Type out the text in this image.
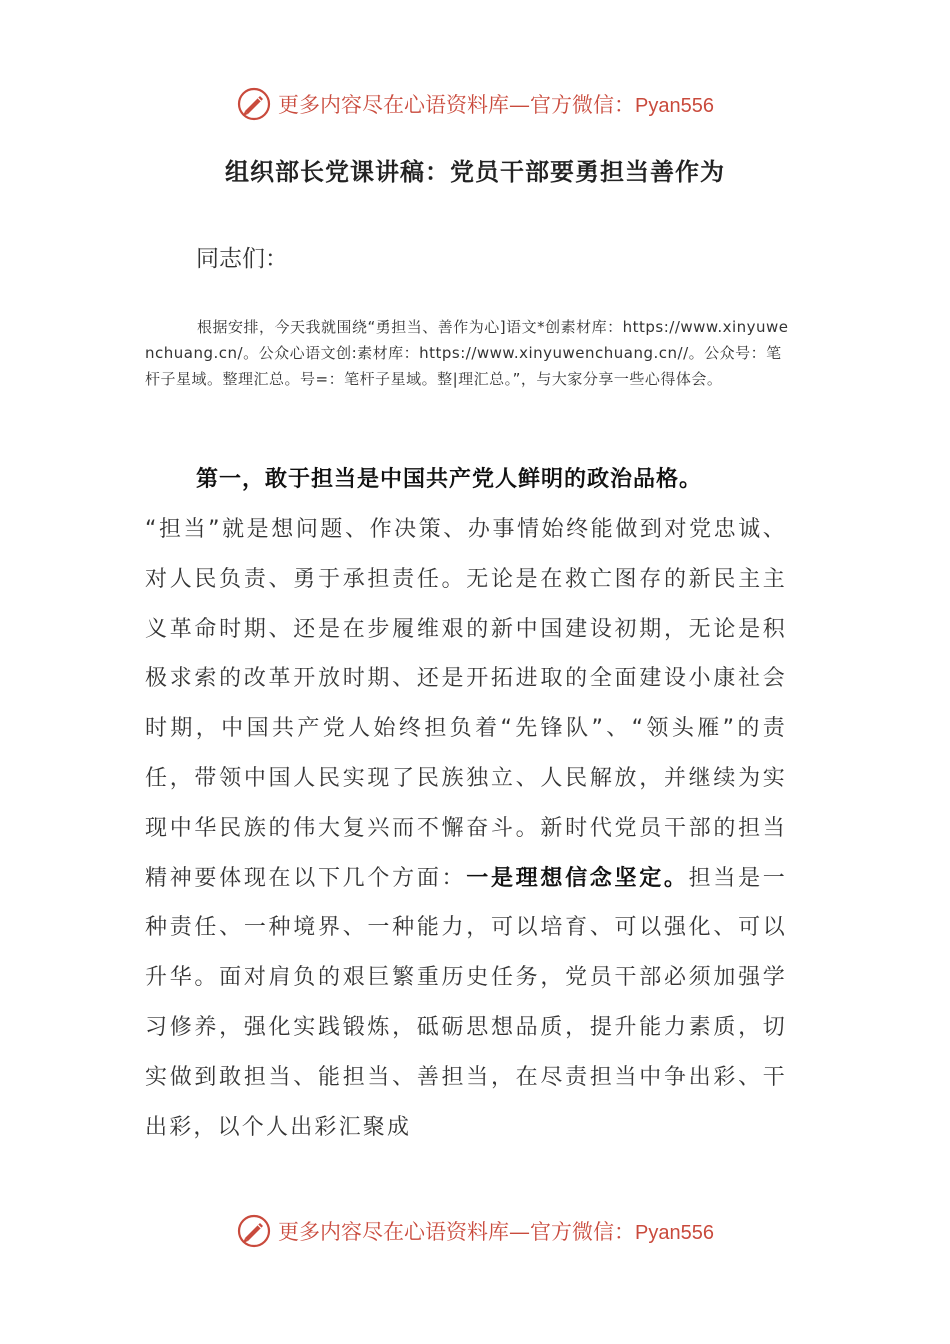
更多内容尽在心语资料库—官方微信：Pyan556
组织部长党课讲稿：党员干部要勇担当善作为
同志们：
根据安排，今天我就围绕“勇担当、善作为心]语文*创素材库：https://www.xinyuwenchuang.cn/。公众心语文创:素材库：https://www.xinyuwenchuang.cn//。公众号：笔杆子星域。整理汇总。号=：笔杆子星域。整|理汇总。”，与大家分享一些心得体会。
第一，敢于担当是中国共产党人鲜明的政治品格。
“担当”就是想问题、作决策、办事情始终能做到对党忠诚、对人民负责、勇于承担责任。无论是在救亡图存的新民主主义革命时期、还是在步履维艰的新中国建设初期，无论是积极求索的改革开放时期、还是开拓进取的全面建设小康社会时期，中国共产党人始终担负着“先锋队”、“领头雁”的责任，带领中国人民实现了民族独立、人民解放，并继续为实现中华民族的伟大复兴而不懈奋斗。新时代党员干部的担当精神要体现在以下几个方面：一是理想信念坚定。担当是一种责任、一种境界、一种能力，可以培育、可以强化、可以升华。面对肩负的艰巨繁重历史任务，党员干部必须加强学习修养，强化实践锻炼，砥砺思想品质，提升能力素质，切实做到敢担当、能担当、善担当，在尽责担当中争出彩、干出彩，以个人出彩汇聚成
更多内容尽在心语资料库—官方微信：Pyan556
